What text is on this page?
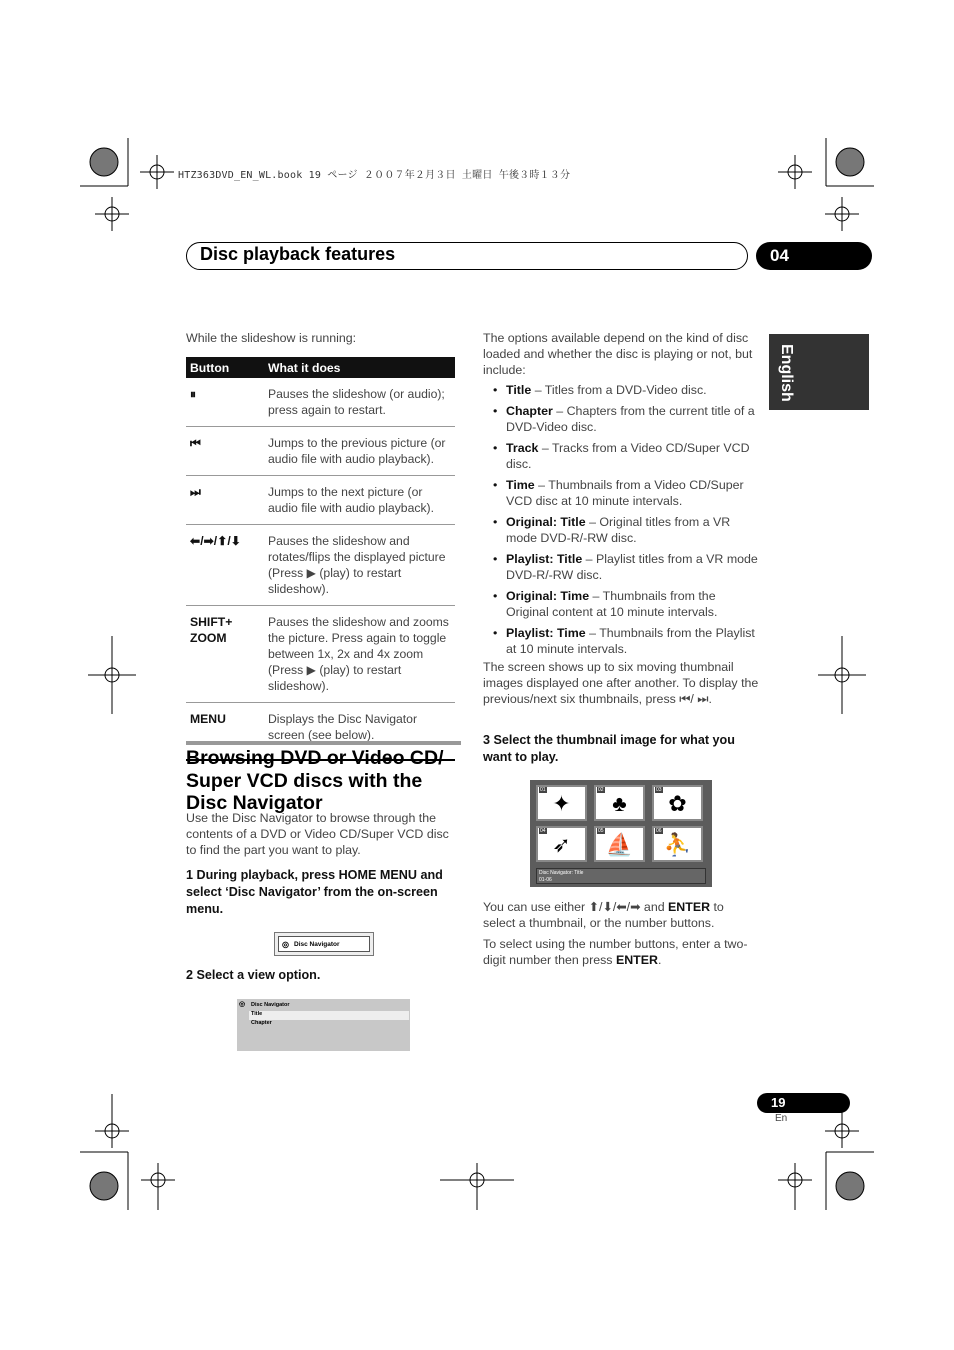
HTZ363DVD_EN_WL.book 19 ページ ２００７年２月３日 土曜日 午後３時１３分
Disc playback features	04
English
While the slideshow is running:
Button	What it does
⏸	Pauses the slideshow (or audio); press again to restart.
⏮	Jumps to the previous picture (or audio file with audio playback).
⏭	Jumps to the next picture (or audio file with audio playback).
⬅/➡/⬆/⬇	Pauses the slideshow and rotates/flips the displayed picture (Press ▶ (play) to restart slideshow).
SHIFT+ ZOOM	Pauses the slideshow and zooms the picture. Press again to toggle between 1x, 2x and 4x zoom (Press ▶ (play) to restart slideshow).
MENU	Displays the Disc Navigator screen (see below).
Browsing DVD or Video CD/ Super VCD discs with the Disc Navigator
Use the Disc Navigator to browse through the contents of a DVD or Video CD/Super VCD disc to find the part you want to play.
1 During playback, press HOME MENU and select ‘Disc Navigator’ from the on-screen menu.
◎ Disc Navigator
2 Select a view option.
◎ Disc Navigator
Title
Chapter
The options available depend on the kind of disc loaded and whether the disc is playing or not, but include:
• Title – Titles from a DVD-Video disc.
• Chapter – Chapters from the current title of a DVD-Video disc.
• Track – Tracks from a Video CD/Super VCD disc.
• Time – Thumbnails from a Video CD/Super VCD disc at 10 minute intervals.
• Original: Title – Original titles from a VR mode DVD-R/-RW disc.
• Playlist: Title – Playlist titles from a VR mode DVD-R/-RW disc.
• Original: Time – Thumbnails from the Original content at 10 minute intervals.
• Playlist: Time – Thumbnails from the Playlist at 10 minute intervals.
The screen shows up to six moving thumbnail images displayed one after another. To display the previous/next six thumbnails, press ⏮/ ⏭.
3 Select the thumbnail image for what you want to play.
01
✦
02
♣
03
✿
04
➶
05
⛵
06
⛹
Disc Navigator: Title
01-06
You can use either ⬆/⬇/⬅/➡ and ENTER to select a thumbnail, or the number buttons.
To select using the number buttons, enter a two-digit number then press ENTER.
19
En
